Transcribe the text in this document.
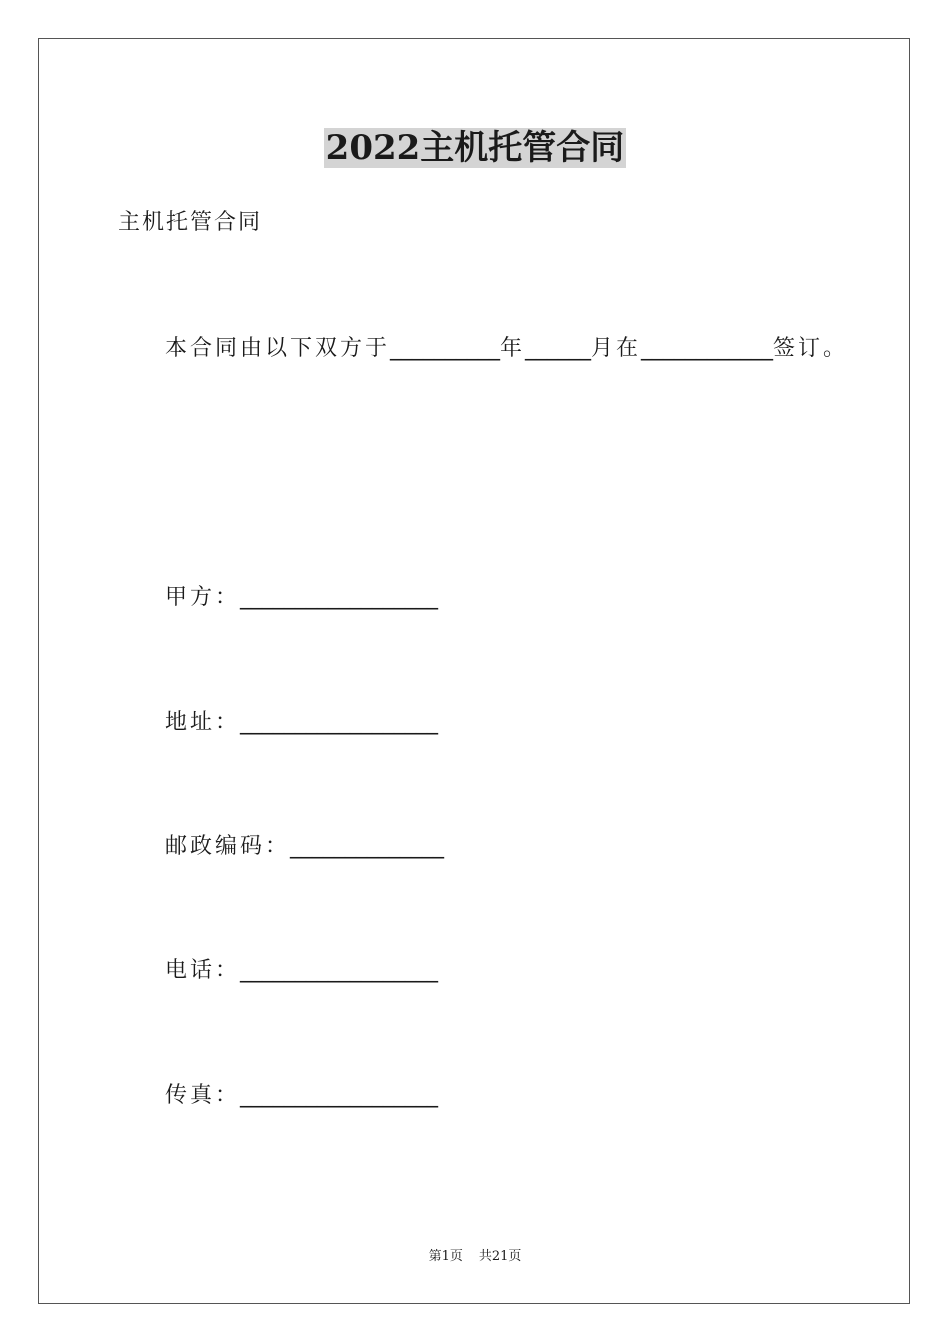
2022主机托管合同
主机托管合同
本合同由以下双方于__________年______月在____________签订。
甲方：__________________
地址：__________________
邮政编码：______________
电话：__________________
传真：__________________
第1页 共21页
